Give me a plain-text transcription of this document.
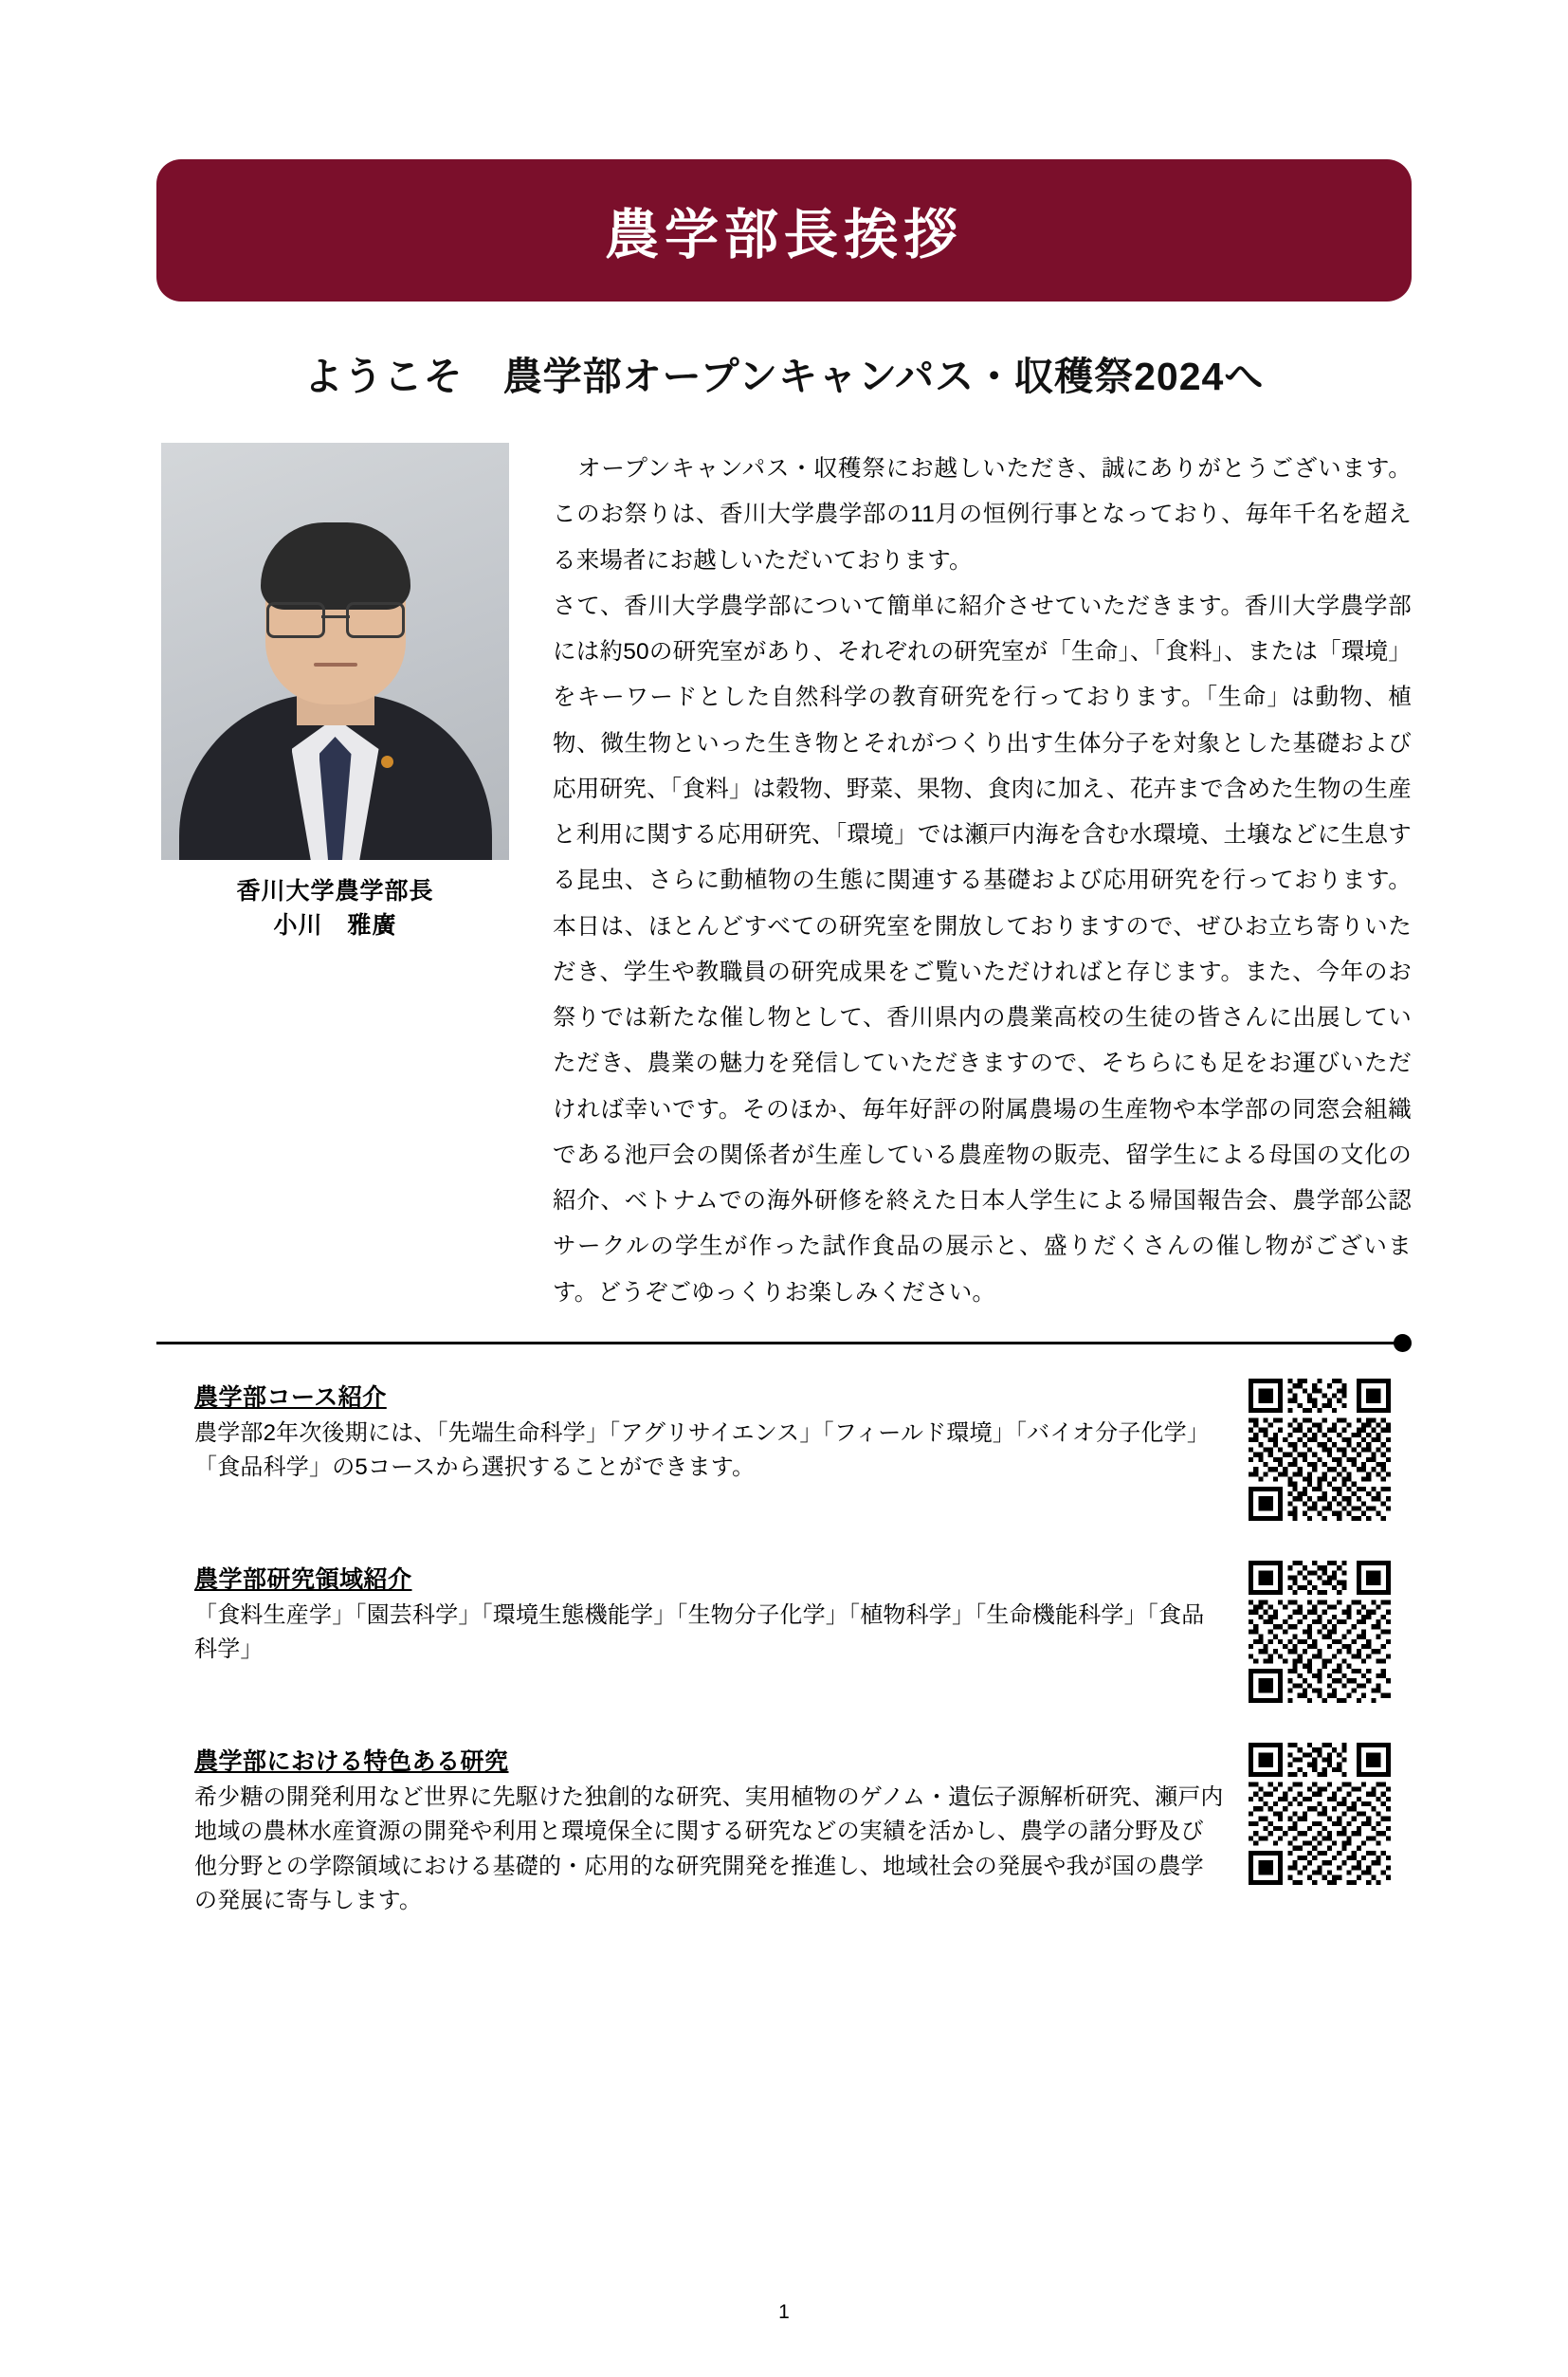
農学部長挨拶
ようこそ　農学部オープンキャンパス・収穫祭2024へ
香川大学農学部長
小川　雅廣

オープンキャンパス・収穫祭にお越しいただき、誠にありがとうございます。このお祭りは、香川大学農学部の11月の恒例行事となっており、毎年千名を超える来場者にお越しいただいております。

さて、香川大学農学部について簡単に紹介させていただきます。香川大学農学部には約50の研究室があり、それぞれの研究室が「生命」、「食料」、または「環境」をキーワードとした自然科学の教育研究を行っております。「生命」は動物、植物、微生物といった生き物とそれがつくり出す生体分子を対象とした基礎および応用研究、「食料」は穀物、野菜、果物、食肉に加え、花卉まで含めた生物の生産と利用に関する応用研究、「環境」では瀬戸内海を含む水環境、土壌などに生息する昆虫、さらに動植物の生態に関連する基礎および応用研究を行っております。本日は、ほとんどすべての研究室を開放しておりますので、ぜひお立ち寄りいただき、学生や教職員の研究成果をご覧いただければと存じます。また、今年のお祭りでは新たな催し物として、香川県内の農業高校の生徒の皆さんに出展していただき、農業の魅力を発信していただきますので、そちらにも足をお運びいただければ幸いです。そのほか、毎年好評の附属農場の生産物や本学部の同窓会組織である池戸会の関係者が生産している農産物の販売、留学生による母国の文化の紹介、ベトナムでの海外研修を終えた日本人学生による帰国報告会、農学部公認サークルの学生が作った試作食品の展示と、盛りだくさんの催し物がございます。どうぞごゆっくりお楽しみください。

農学部コース紹介
農学部2年次後期には、「先端生命科学」「アグリサイエンス」「フィールド環境」「バイオ分子化学」「食品科学」の5コースから選択することができます。
農学部研究領域紹介
「食料生産学」「園芸科学」「環境生態機能学」「生物分子化学」「植物科学」「生命機能科学」「食品科学」
農学部における特色ある研究
希少糖の開発利用など世界に先駆けた独創的な研究、実用植物のゲノム・遺伝子源解析研究、瀬戸内地域の農林水産資源の開発や利用と環境保全に関する研究などの実績を活かし、農学の諸分野及び他分野との学際領域における基礎的・応用的な研究開発を推進し、地域社会の発展や我が国の農学の発展に寄与します。
1
